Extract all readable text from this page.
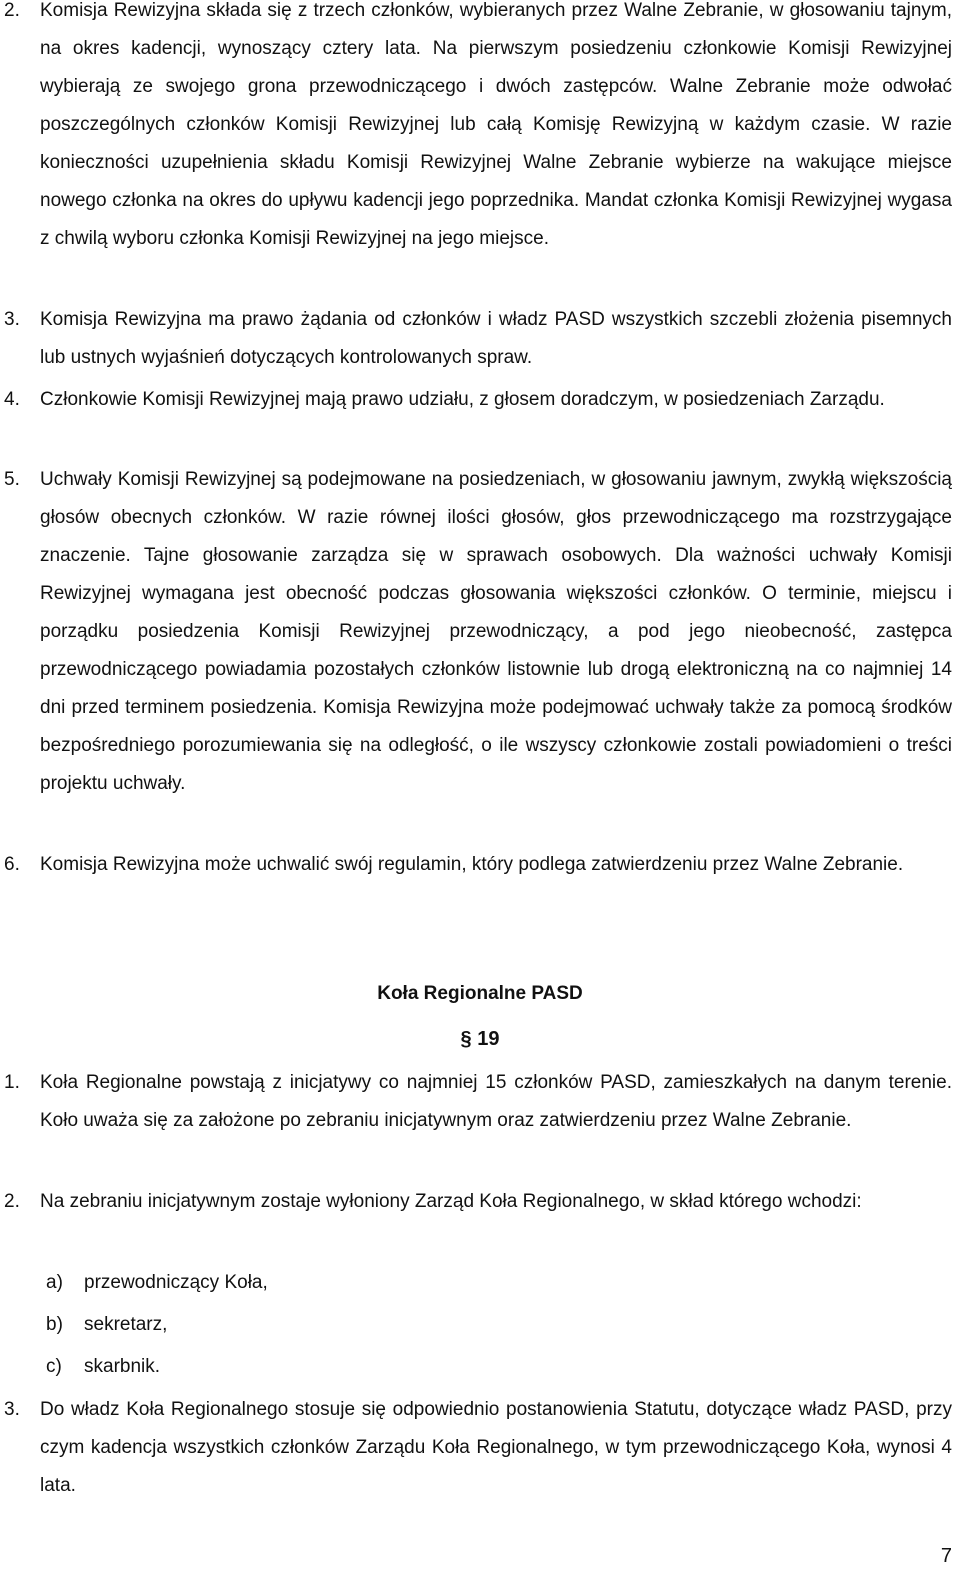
2. Komisja Rewizyjna składa się z trzech członków, wybieranych przez Walne Zebranie, w głosowaniu tajnym, na okres kadencji, wynoszący cztery lata. Na pierwszym posiedzeniu członkowie Komisji Rewizyjnej wybierają ze swojego grona przewodniczącego i dwóch zastępców. Walne Zebranie może odwołać poszczególnych członków Komisji Rewizyjnej lub całą Komisję Rewizyjną w każdym czasie. W razie konieczności uzupełnienia składu Komisji Rewizyjnej Walne Zebranie wybierze na wakujące miejsce nowego członka na okres do upływu kadencji jego poprzednika. Mandat członka Komisji Rewizyjnej wygasa z chwilą wyboru członka Komisji Rewizyjnej na jego miejsce.
3. Komisja Rewizyjna ma prawo żądania od członków i władz PASD wszystkich szczebli złożenia pisemnych lub ustnych wyjaśnień dotyczących kontrolowanych spraw.
4. Członkowie Komisji Rewizyjnej mają prawo udziału, z głosem doradczym, w posiedzeniach Zarządu.
5. Uchwały Komisji Rewizyjnej są podejmowane na posiedzeniach, w głosowaniu jawnym, zwykłą większością głosów obecnych członków. W razie równej ilości głosów, głos przewodniczącego ma rozstrzygające znaczenie. Tajne głosowanie zarządza się w sprawach osobowych. Dla ważności uchwały Komisji Rewizyjnej wymagana jest obecność podczas głosowania większości członków. O terminie, miejscu i porządku posiedzenia Komisji Rewizyjnej przewodniczący, a pod jego nieobecność, zastępca przewodniczącego powiadamia pozostałych członków listownie lub drogą elektroniczną na co najmniej 14 dni przed terminem posiedzenia. Komisja Rewizyjna może podejmować uchwały także za pomocą środków bezpośredniego porozumiewania się na odległość, o ile wszyscy członkowie zostali powiadomieni o treści projektu uchwały.
6. Komisja Rewizyjna może uchwalić swój regulamin, który podlega zatwierdzeniu przez Walne Zebranie.
Koła Regionalne PASD
§ 19
1. Koła Regionalne powstają z inicjatywy co najmniej 15 członków PASD, zamieszkałych na danym terenie. Koło uważa się za założone po zebraniu inicjatywnym oraz zatwierdzeniu przez Walne Zebranie.
2. Na zebraniu inicjatywnym zostaje wyłoniony Zarząd Koła Regionalnego, w skład którego wchodzi:
a) przewodniczący Koła,
b) sekretarz,
c) skarbnik.
3. Do władz Koła Regionalnego stosuje się odpowiednio postanowienia Statutu, dotyczące władz PASD, przy czym kadencja wszystkich członków Zarządu Koła Regionalnego, w tym przewodniczącego Koła, wynosi 4 lata.
7
